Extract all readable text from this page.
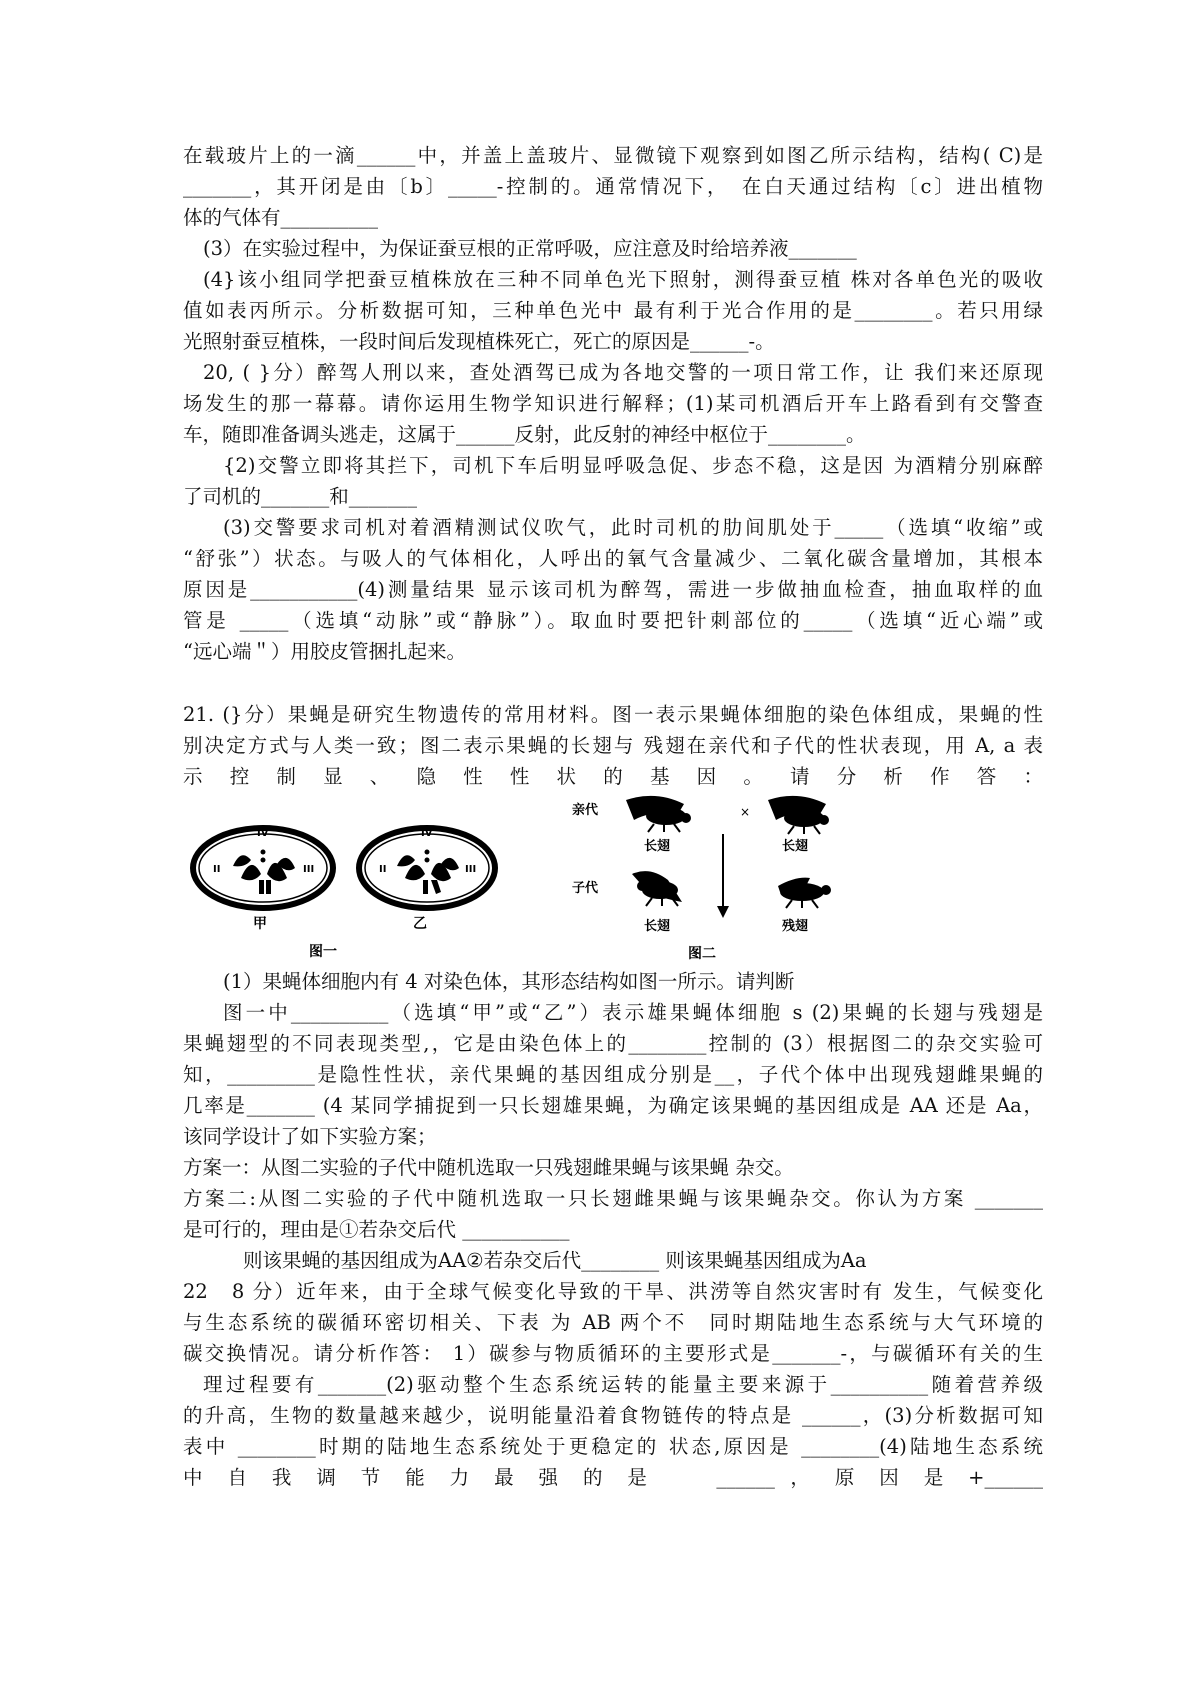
在载玻片上的一滴______中，并盖上盖玻片、显微镜下观察到如图乙所示结构，结构( C)是

_______，其开闭是由〔b〕_____-控制的。通常情况下，　在白天通过结构〔c〕进出植物

体的气体有__________

(3）在实验过程中，为保证蚕豆根的正常呼吸，应注意及时给培养液_______

(4}该小组同学把蚕豆植株放在三种不同单色光下照射，测得蚕豆植 株对各单色光的吸收

值如表丙所示。分析数据可知，三种单色光中 最有利于光合作用的是________。若只用绿

光照射蚕豆植株，一段时间后发现植株死亡，死亡的原因是______-。

20, ( }分）醉驾人刑以来，查处酒驾已成为各地交警的一项日常工作，让 我们来还原现

场发生的那一幕幕。请你运用生物学知识进行解释；(1)某司机酒后开车上路看到有交警查

车，随即准备调头逃走，这属于______反射，此反射的神经中枢位于________。

{2)交警立即将其拦下，司机下车后明显呼吸急促、步态不稳，这是因 为酒精分别麻醉

了司机的_______和_______

(3)交警要求司机对着酒精测试仪吹气，此时司机的肋间肌处于_____（选填“收缩”或

“舒张”）状态。与吸人的气体相化，人呼出的氧气含量减少、二氧化碳含量增加，其根本

原因是___________(4)测量结果 显示该司机为醉驾，需进一步做抽血检查，抽血取样的血

管是 _____（选填“动脉”或“静脉”）。取血时要把针刺部位的_____（选填“近心端”或

“远心端＂）用胶皮管捆扎起来。

21. (}分）果蝇是研究生物遗传的常用材料。图一表示果蝇体细胞的染色体组成，果蝇的性

别决定方式与人类一致；图二表示果蝇的长翅与 残翅在亲代和子代的性状表现，用 A, a 表

示 控 制 显 、 隐 性 性 状 的 基 因 。 请 分 析 作 答 ：

IV
II	III
IV
II	III
甲	乙
图一
亲代
子代
×
长翅	长翅
长翅	残翅
图二

(1）果蝇体细胞内有 4 对染色体，其形态结构如图一所示。请判断

图一中__________（选填“甲”或“乙”）表示雄果蝇体细胞 s (2)果蝇的长翅与残翅是

果蝇翅型的不同表现类型,，它是由染色体上的________控制的 (3）根据图二的杂交实验可

知，_________是隐性性状，亲代果蝇的基因组成分别是__，子代个体中出现残翅雌果蝇的

几率是_______ (4 某同学捕捉到一只长翅雄果蝇，为确定该果蝇的基因组成是 AA 还是 Aa，

该同学设计了如下实验方案；

方案一：从图二实验的子代中随机选取一只残翅雌果蝇与该果蝇 杂交。

方案二:从图二实验的子代中随机选取一只长翅雌果蝇与该果蝇杂交。你认为方案 _______

是可行的，理由是①若杂交后代 ___________

则该果蝇的基因组成为AA②若杂交后代________ 则该果蝇基因组成为Aa

22　8 分）近年来，由于全球气候变化导致的干旱、洪涝等自然灾害时有 发生，气候变化

与生态系统的碳循环密切相关、下表 为 AB 两个不　同时期陆地生态系统与大气环境的

碳交换情况。请分析作答： 1）碳参与物质循环的主要形式是_______-，与碳循环有关的生

理过程要有_______(2)驱动整个生态系统运转的能量主要来源于__________随着营养级

的升高，生物的数量越来越少，说明能量沿着食物链传的特点是 ______，(3)分析数据可知

表中 ________时期的陆地生态系统处于更稳定的 状态,原因是 ________(4)陆地生态系统

中 自 我 调 节 能 力 最 强 的 是 　 ______ ， 原 因 是 +______
